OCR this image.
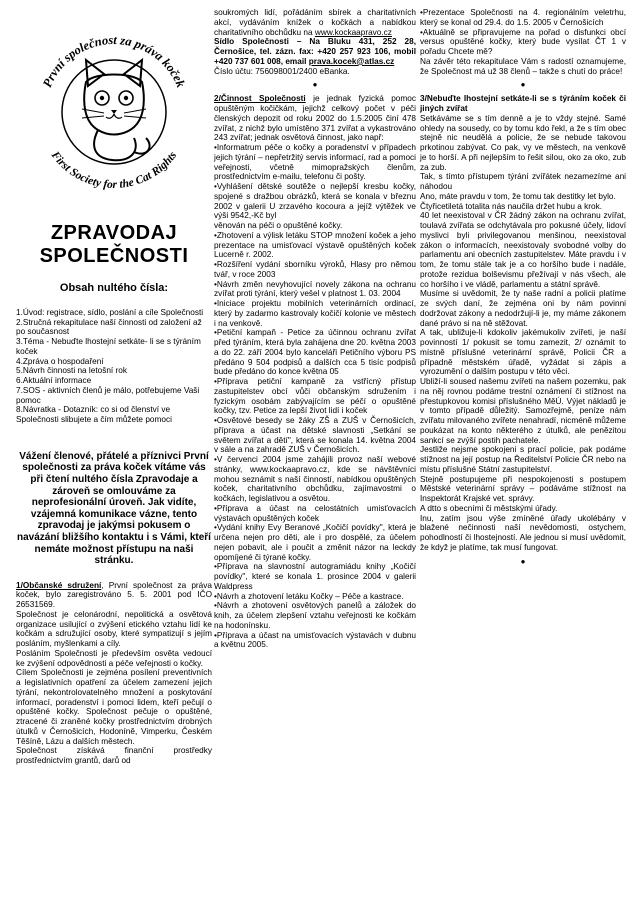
První společnost za práva koček
First Society for the Cat Rights
ZPRAVODAJ
SPOLEČNOSTI
Obsah nultého čísla:
1.Úvod: registrace, sídlo, poslání a cíle Společnosti
2.Stručná rekapitulace naší činnosti od založení až po současnost
3.Téma - Nebuďte lhostejní setkáte- li se s týráním koček
4.Zpráva o hospodaření
5.Návrh činnosti na letošní rok
6.Aktuální informace
7.SOS - aktivních členů je málo, potřebujeme Vaši pomoc
8.Návratka - Dotazník: co si od členství ve Společnosti slibujete a čím můžete pomoci
Vážení členové, přátelé a příznivci První společnosti za práva koček vítáme vás při čtení nultého čísla Zpravodaje a zároveň se omlouváme za neprofesionální úroveň. Jak vidíte, vzájemná komunikace vázne, tento zpravodaj je jakýmsi pokusem o navázání bližšího kontaktu i s Vámi, kteří nemáte možnost přístupu na naši stránku.

1/Občanské sdružení, První společnost za práva koček, bylo zaregistrováno 5. 5. 2001 pod IČO 26531569.

Společnost je celonárodní, nepolitická a osvětová organizace usilující o zvýšení etického vztahu lidí ke kočkám a sdružující osoby, které sympatizují s jejím posláním, myšlenkami a cíly.

Posláním Společnosti je především osvěta vedoucí ke zvýšení odpovědnosti a péče veřejnosti o kočky.

Cílem Společnosti je zejména posílení preventivních a legislativních opatření za účelem zamezení jejich týrání, nekontrolovatelného množení a poskytování informací, poradenství i pomoci lidem, kteří pečují o opuštěné kočky. Společnost pečuje o opuštěné, ztracené či zraněné kočky prostřednictvím drobných útulků v Černošicích, Hodoníně, Vimperku, Českém Těšíně, Lázu a dalších městech.

Společnost získává finanční prostředky prostřednictvím grantů, darů od

soukromých lidí, pořádáním sbírek a charitativních akcí, vydáváním knížek o kočkách a nabídkou charitativního obchůdku na www.kockaapravo.cz

Sídlo Společnosti – Na Bluku 431, 252 28, Černošice, tel. zázn. fax: +420 257 923 106, mobil +420 737 601 008, email prava.kocek@atlas.cz

Číslo účtu: 756098001/2400 eBanka.

●

2/Činnost Společnosti je jednak fyzická pomoc opuštěným kočičkám, jejichž celkový počet v péči členských depozit od roku 2002 do 1.5.2005 činí 478 zvířat, z nichž bylo umístěno 371 zvířat a vykastrováno 243 zvířat; jednak osvětová činnost, jako např:

•Informatrum péče o kočky a poradenství v případech jejich týrání – nepřetržitý servis informací, rad a pomoci veřejnosti, včetně mimopražských členům, prostřednictvím e-mailu, telefonu či pošty.

•Vyhlášení dětské soutěže o nejlepší kresbu kočky, spojené s dražbou obrázků, která se konala v březnu 2002 v galerii U zrzavého kocoura a jejíž výtěžek ve výši 9542,-Kč byl

věnován na péči o opuštěné kočky.

•Zhotovení a výlisk letáku STOP množení koček a jeho prezentace na umisťovací výstavě opuštěných koček Lucerně r. 2002.

•Rozšíření vydání sborníku výroků, Hlasy pro němou tvář, v roce 2003

•Návrh změn nevyhovující novely zákona na ochranu zvířat proti týrání, který vešel v platnost 1. 03. 2004

•Iniciace projektu mobilních veterinárních ordinací, který by zadarmo kastrovaly kočičí kolonie ve městech i na venkově.

•Petiční kampaň - Petice za účinnou ochranu zvířat před týráním, která byla zahájena dne 20. května 2003 a do 22. září 2004 bylo kanceláři Petičního výboru PS předáno 9 504 podpisů a dalších cca 5 tisíc podpisů bude předáno do konce května 05

•Příprava petiční kampaně za vstřícný přístup zastupitelstev obcí vůči občanským sdružením i fyzickým osobám zabývajícím se péčí o opuštěné kočky, tzv. Petice za lepší život lidí i koček

•Osvětové besedy se žáky ZŠ a ZUŠ v Černošicích, příprava a účast na dětské slavnosti „Setkání se světem zvířat a dětí", která se konala 14. května 2004 v sále a na zahradě ZUŠ v Černošicích.

•V červenci 2004 jsme zahájili provoz naší webové stránky, www.kockaapravo.cz, kde se návštěvníci mohou seznámit s naší činností, nabídkou opuštěných koček, charitativního obchůdku, zajímavostmi o kočkách, legislativou a osvětou.

•Příprava a účast na celostátních umisťovacích výstavách opuštěných koček

•Vydání knihy Evy Beranové „Kočičí povídky", která je určena nejen pro děti, ale i pro dospělé, za účelem nejen pobavit, ale i poučit a změnit názor na leckdy opomíjené či týrané kočky.

•Příprava na slavnostní autogramiádu knihy „Kočičí povídky", které se konala 1. prosince 2004 v galerii Waldpress

•Návrh a zhotovení letáku Kočky – Péče a kastrace.

•Návrh a zhotovení osvětových panelů a záložek do knih, za účelem zlepšení vztahu veřejnosti ke kočkám na hodonínsku.

•Příprava a účast na umisťovacích výstavách v dubnu a květnu 2005.

•Prezentace Společnosti na 4. regionálním veletrhu, který se konal od 29.4. do 1.5. 2005 v Černošicích

•Aktuálně se připravujeme na pořad o disfunkci obcí versus opuštěné kočky, který bude vysílat ČT 1 v pořadu Chcete mě?

Na závěr této rekapitulace Vám s radostí oznamujeme, že Společnost má už 38 členů – takže s chutí do práce!

●

3/Nebuďte lhostejní setkáte-li se s týráním koček či jiných zvířat

Setkáváme se s tím denně a je to vždy stejné. Samé ohledy na sousedy, co by tomu kdo řekl, a že s tím obec stejně nic neudělá a policie, že se nebude takovou prkotinou zabývat. Co pak, vy ve městech, na venkově je to horší. A při nejlepším to řešit silou, oko za oko, zub za zub.

Tak, s tímto přístupem týrání zvířátek nezamezíme ani náhodou

Ano, máte pravdu v tom, že tomu tak destitky let bylo.

Čtyřicetiletá totalita nás naučila držet hubu a krok.

40 let neexistoval v ČR žádný zákon na ochranu zvířat, toulavá zvířata se odchytávala pro pokusné účely, lidoví myslivci byli privilegovanou menšinou, neexistoval zákon o informacích, neexistovaly svobodné volby do parlamentu ani obecních zastupitelstev. Máte pravdu i v tom, že tomu stále tak je a co horšího bude i nadále, protože rezidua bolševismu přežívají v nás všech, ale co horšího i ve vládě, parlamentu a státní správě.

Musíme si uvědomit, že ty naše radní a policii platíme ze svých daní, že zejména oni by nám povinni dodržovat zákony a nedodržují-li je, my máme zákonem dané právo si na ně stěžovat.

A tak, ubližuje-li kdokoliv jakémukoliv zvířeti, je naší povinností 1/ pokusit se tomu zamezit, 2/ oznámit to místně příslušné veterinární správě, Policii ČR a případně městském úřadě, vyžádat si zápis a vyrozumění o dalším postupu v této věci.

Ubliží-li soused našemu zvířeti na našem pozemku, pak na něj rovnou podáme trestní oznámení či stížnost na přestupkovou komisi příslušného MěÚ. Výjet nákladů je v tomto případě důležitý. Samozřejmě, peníze nám zvířatu milovaného zvířete nenahradí, nicméně můžeme poukázat na konto některého z útulků, ale penězitou sankcí se zvýší postih pachatele.

Jestliže nejsme spokojeni s prací policie, pak podáme stížnost na její postup na Ředitelství Policie ČR nebo na místu příslušné Státní zastupitelství.

Stejně postupujeme při nespokojenosti s postupem Městské veterinární správy – podáváme stížnost na Inspektorát Krajské vet. správy.

A dtto s obecními či městskými úřady.

Inu, zatím jsou výše zmíněné úřady ukolébány v blažené nečinnosti naší nevědomosti, ostychem, pohodlností či lhostejností. Ale jednou si musí uvědomit, že když je platíme, tak musí fungovat.

●
